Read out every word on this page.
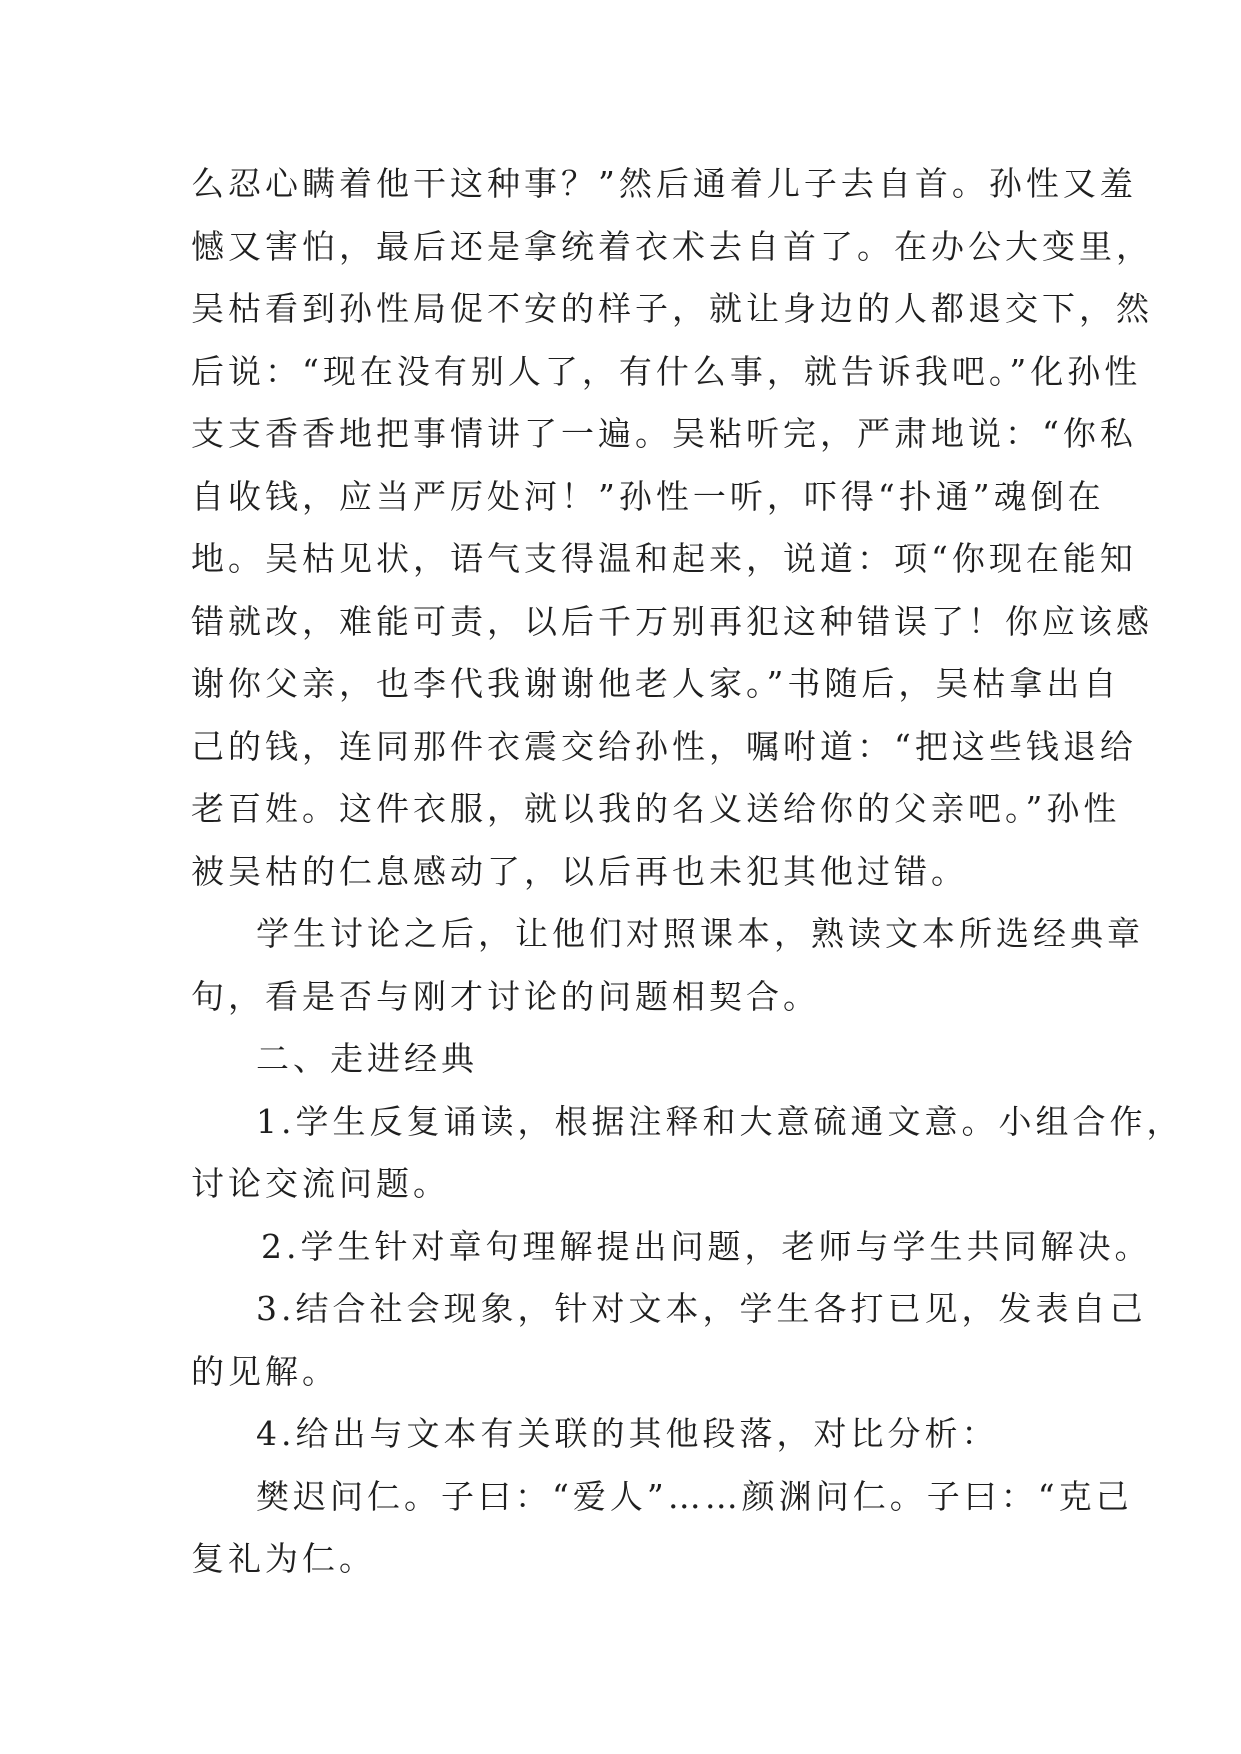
么忍心瞒着他干这种事？”然后通着儿子去自首。孙性又羞
憾又害怕，最后还是拿统着衣术去自首了。在办公大变里，
吴枯看到孙性局促不安的样子，就让身边的人都退交下，然
后说：“现在没有别人了，有什么事，就告诉我吧。”化孙性
支支香香地把事情讲了一遍。吴粘听完，严肃地说：“你私
自收钱，应当严厉处河！”孙性一听，吓得“扑通”魂倒在
地。吴枯见状，语气支得温和起来，说道：项“你现在能知
错就改，难能可责，以后千万别再犯这种错误了！你应该感
谢你父亲，也李代我谢谢他老人家。”书随后，吴枯拿出自
己的钱，连同那件衣震交给孙性，嘱咐道：“把这些钱退给
老百姓。这件衣服，就以我的名义送给你的父亲吧。”孙性
被吴枯的仁息感动了，以后再也未犯其他过错。
学生讨论之后，让他们对照课本，熟读文本所选经典章
句，看是否与刚才讨论的问题相契合。
二、走进经典
1.学生反复诵读，根据注释和大意硫通文意。小组合作，
讨论交流问题。
2.学生针对章句理解提出问题，老师与学生共同解决。
3.结合社会现象，针对文本，学生各打已见，发表自己
的见解。
4.给出与文本有关联的其他段落，对比分析：
樊迟问仁。子曰：“爱人”……颜渊问仁。子曰：“克己
复礼为仁。
